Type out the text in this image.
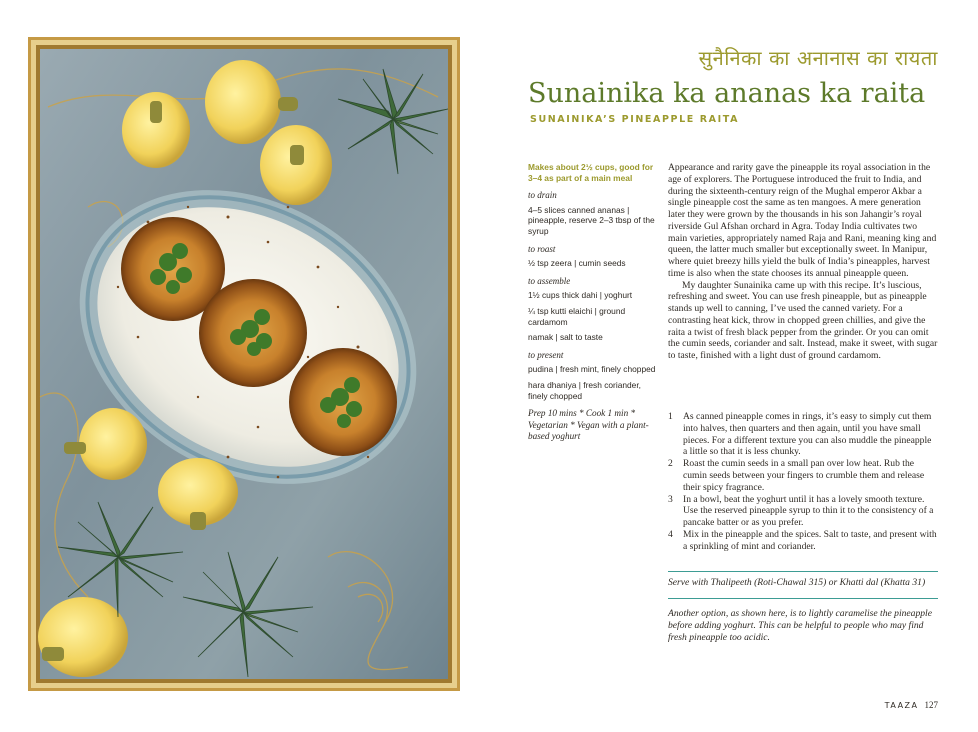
सुनैनिका का अनानास का रायता
Sunainika ka ananas ka raita
SUNAINIKA’S PINEAPPLE RAITA
Makes about 2½ cups, good for 3–4 as part of a main meal
to drain
4–5 slices canned ananas | pineapple, reserve 2–3 tbsp of the syrup
to roast
½ tsp zeera | cumin seeds
to assemble
1½ cups thick dahi | yoghurt
¼ tsp kutti elaichi | ground cardamom
namak | salt to taste
to present
pudina | fresh mint, finely chopped
hara dhaniya | fresh coriander, finely chopped
Prep 10 mins * Cook 1 min * Vegetarian * Vegan with a plant-based yoghurt

Appearance and rarity gave the pineapple its royal association in the age of explorers. The Portuguese introduced the fruit to India, and during the sixteenth-century reign of the Mughal emperor Akbar a single pineapple cost the same as ten mangoes. A mere generation later they were grown by the thousands in his son Jahangir’s royal riverside Gul Afshan orchard in Agra. Today India cultivates two main varieties, appropriately named Raja and Rani, meaning king and queen, the latter much smaller but exceptionally sweet. In Manipur, where quiet breezy hills yield the bulk of India’s pineapples, harvest time is also when the state chooses its annual pineapple queen.

My daughter Sunainika came up with this recipe. It’s luscious, refreshing and sweet. You can use fresh pineapple, but as pineapple stands up well to canning, I’ve used the canned variety. For a contrasting heat kick, throw in chopped green chillies, and give the raita a twist of fresh black pepper from the grinder. Or you can omit the cumin seeds, coriander and salt. Instead, make it sweet, with sugar to taste, finished with a light dust of ground cardamom.

1	As canned pineapple comes in rings, it’s easy to simply cut them into halves, then quarters and then again, until you have small pieces. For a different texture you can also muddle the pineapple a little so that it is less chunky.
2	Roast the cumin seeds in a small pan over low heat. Rub the cumin seeds between your fingers to crumble them and release their spicy fragrance.
3	In a bowl, beat the yoghurt until it has a lovely smooth texture. Use the reserved pineapple syrup to thin it to the consistency of a pancake batter or as you prefer.
4	Mix in the pineapple and the spices. Salt to taste, and present with a sprinkling of mint and coriander.
Serve with Thalipeeth (Roti-Chawal 315) or Khatti dal (Khatta 31)
Another option, as shown here, is to lightly caramelise the pineapple before adding yoghurt. This can be helpful to people who may find fresh pineapple too acidic.
TAAZA 127
